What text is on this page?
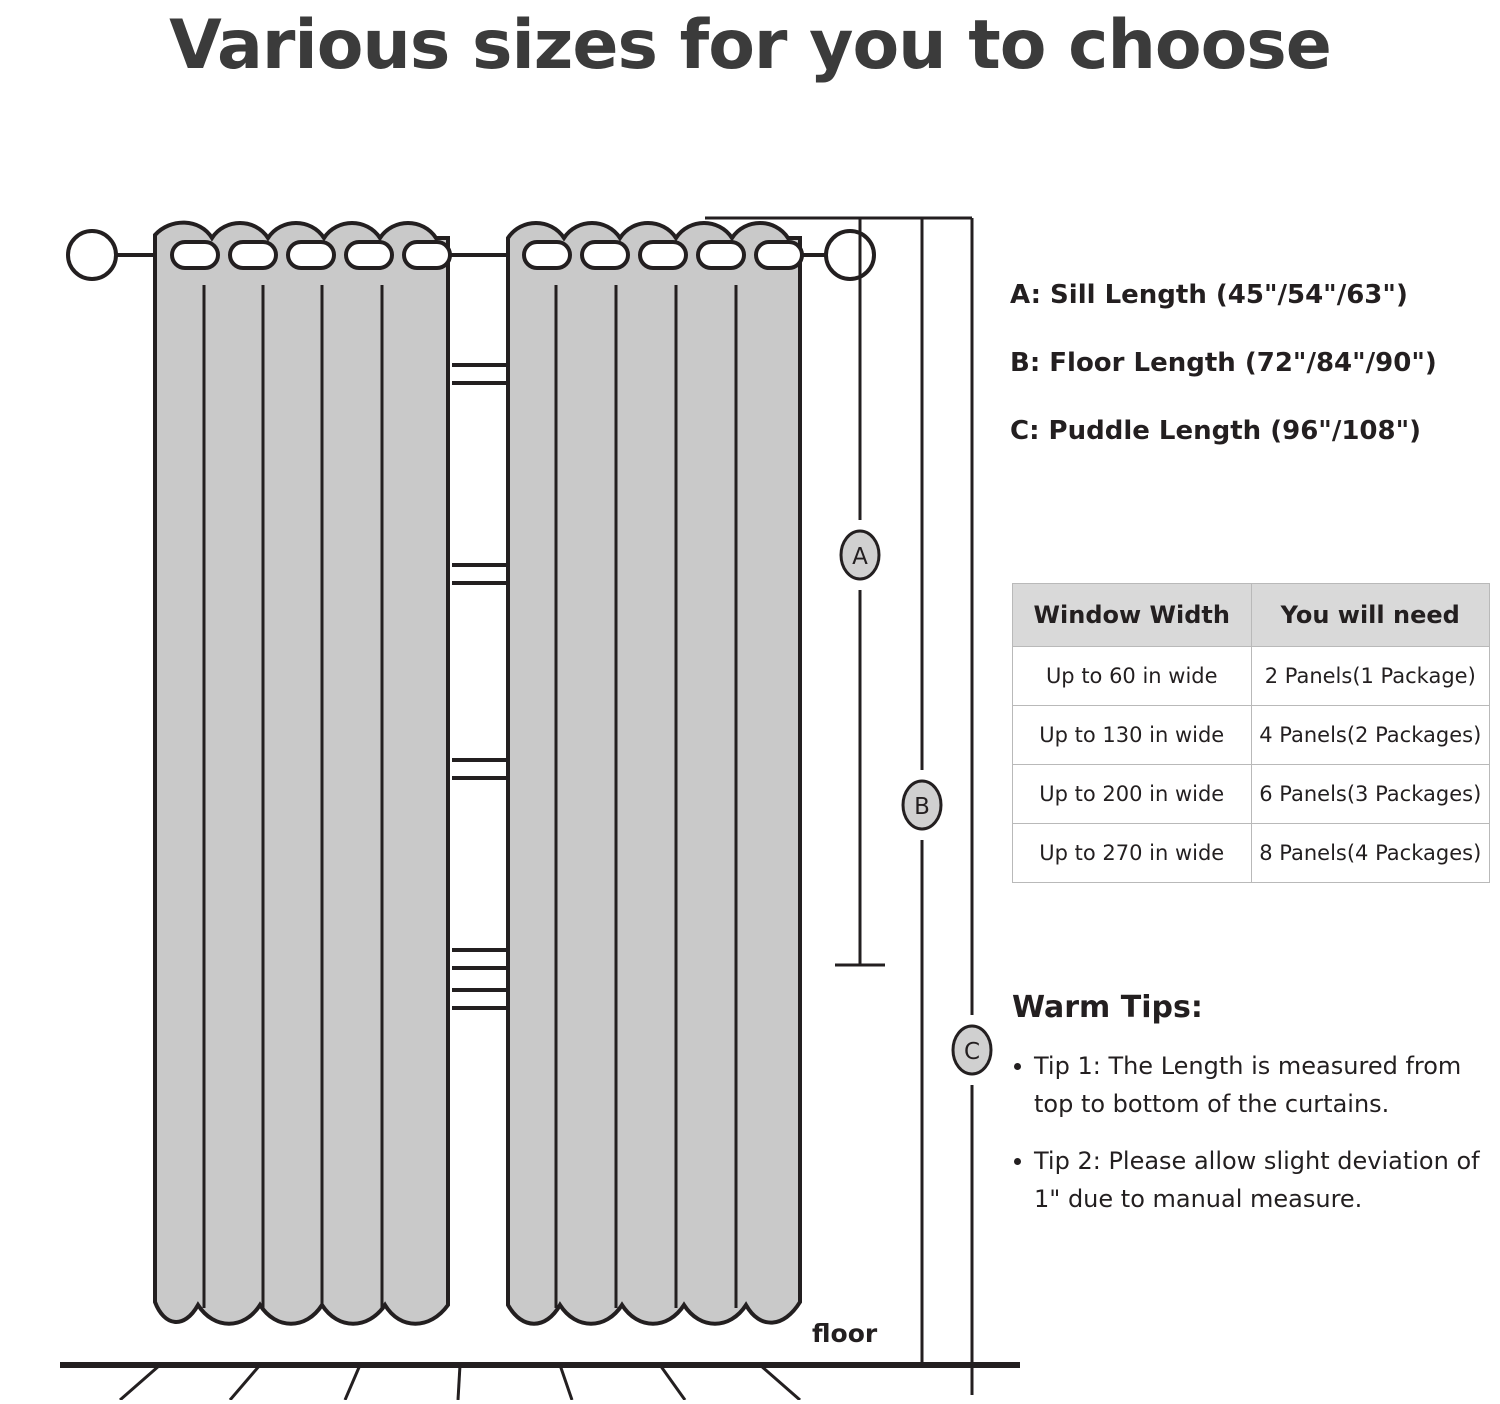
Various sizes for you to choose
A
B
C
floor
A: Sill Length (45"/54"/63")
B: Floor Length (72"/84"/90")
C: Puddle Length (96"/108")
Window Width	You will need
Up to 60 in wide	2 Panels(1 Package)
Up to 130 in wide	4 Panels(2 Packages)
Up to 200 in wide	6 Panels(3 Packages)
Up to 270 in wide	8 Panels(4 Packages)
Warm Tips:
Tip 1: The Length is measured from top to bottom of the curtains.
Tip 2: Please allow slight deviation of 1" due to manual measure.
